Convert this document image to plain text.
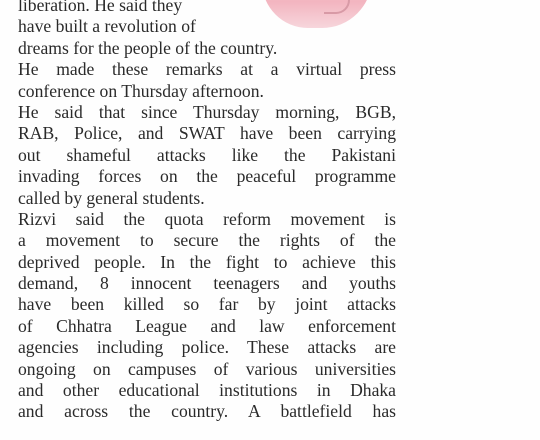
liberation. He said they
have built a revolution of
dreams for the people of the country.
He made these remarks at a virtual press
conference on Thursday afternoon.
He said that since Thursday morning, BGB,
RAB, Police, and SWAT have been carrying
out shameful attacks like the Pakistani
invading forces on the peaceful programme
called by general students.
Rizvi said the quota reform movement is
a movement to secure the rights of the
deprived people. In the fight to achieve this
demand, 8 innocent teenagers and youths
have been killed so far by joint attacks
of Chhatra League and law enforcement
agencies including police. These attacks are
ongoing on campuses of various universities
and other educational institutions in Dhaka
and across the country. A battlefield has
